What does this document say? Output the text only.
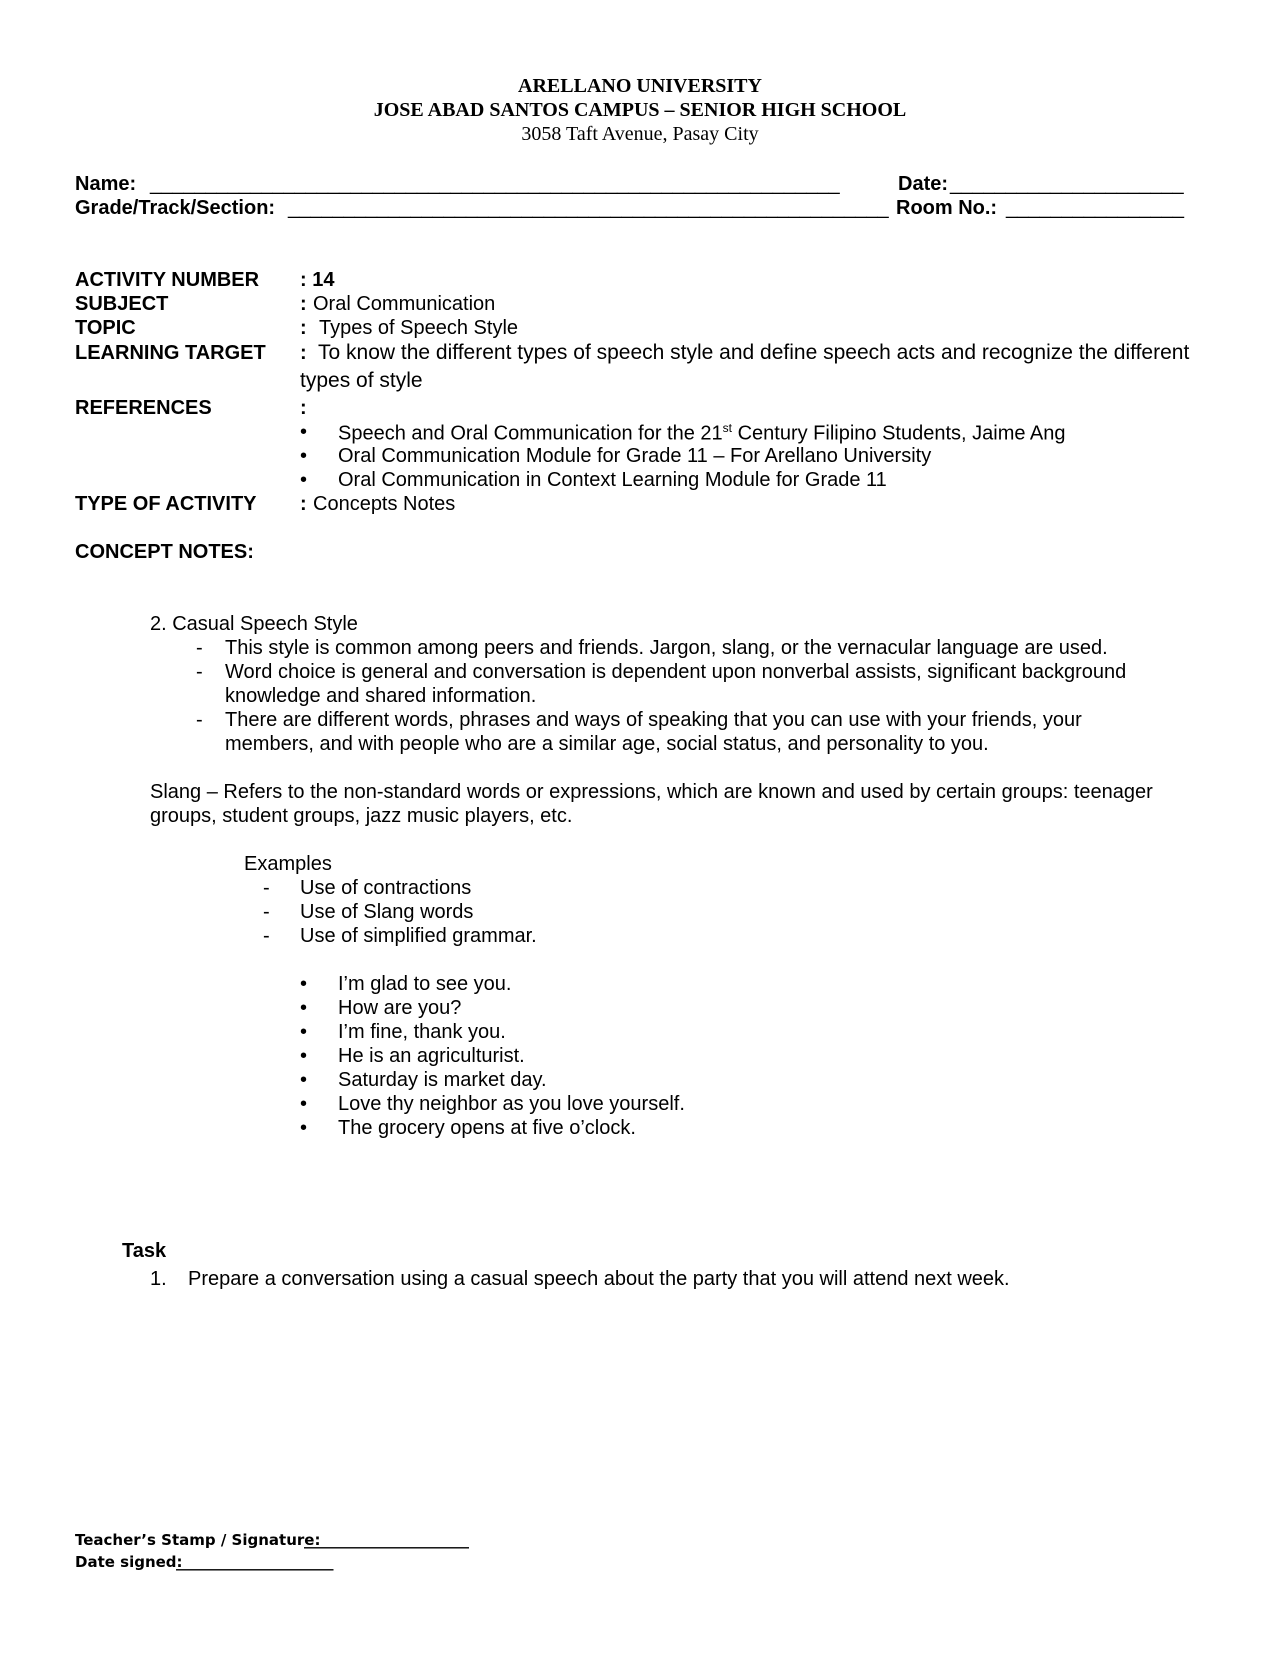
ARELLANO UNIVERSITY
JOSE ABAD SANTOS CAMPUS – SENIOR HIGH SCHOOL
3058 Taft Avenue, Pasay City
Name: ______________________________________________________________	Date: _____________________
Grade/Track/Section: ______________________________________________________ Room No.: ________________
ACTIVITY NUMBER : 14
SUBJECT	: Oral Communication
TOPIC	: Types of Speech Style
LEARNING TARGET : To know the different types of speech style and define speech acts and recognize the different
types of style
REFERENCES	:
•
Speech and Oral Communication for the 21st Century Filipino Students, Jaime Ang
•
Oral Communication Module for Grade 11 – For Arellano University
•
Oral Communication in Context Learning Module for Grade 11
TYPE OF ACTIVITY : Concepts Notes
CONCEPT NOTES:
2. Casual Speech Style
- This style is common among peers and friends. Jargon, slang, or the vernacular language are used.
- Word choice is general and conversation is dependent upon nonverbal assists, significant background
knowledge and shared information.
- There are different words, phrases and ways of speaking that you can use with your friends, your
members, and with people who are a similar age, social status, and personality to you.
Slang – Refers to the non-standard words or expressions, which are known and used by certain groups: teenager
groups, student groups, jazz music players, etc.
Examples
- Use of contractions
- Use of Slang words
- Use of simplified grammar.
•
I’m glad to see you.
•
How are you?
•
I’m fine, thank you.
•
He is an agriculturist.
•
Saturday is market day.
•
Love thy neighbor as you love yourself.
•
The grocery opens at five o’clock.
Task
1. Prepare a conversation using a casual speech about the party that you will attend next week.
Teacher’s Stamp / Signature:
______________________
Date signed:
_____________________
